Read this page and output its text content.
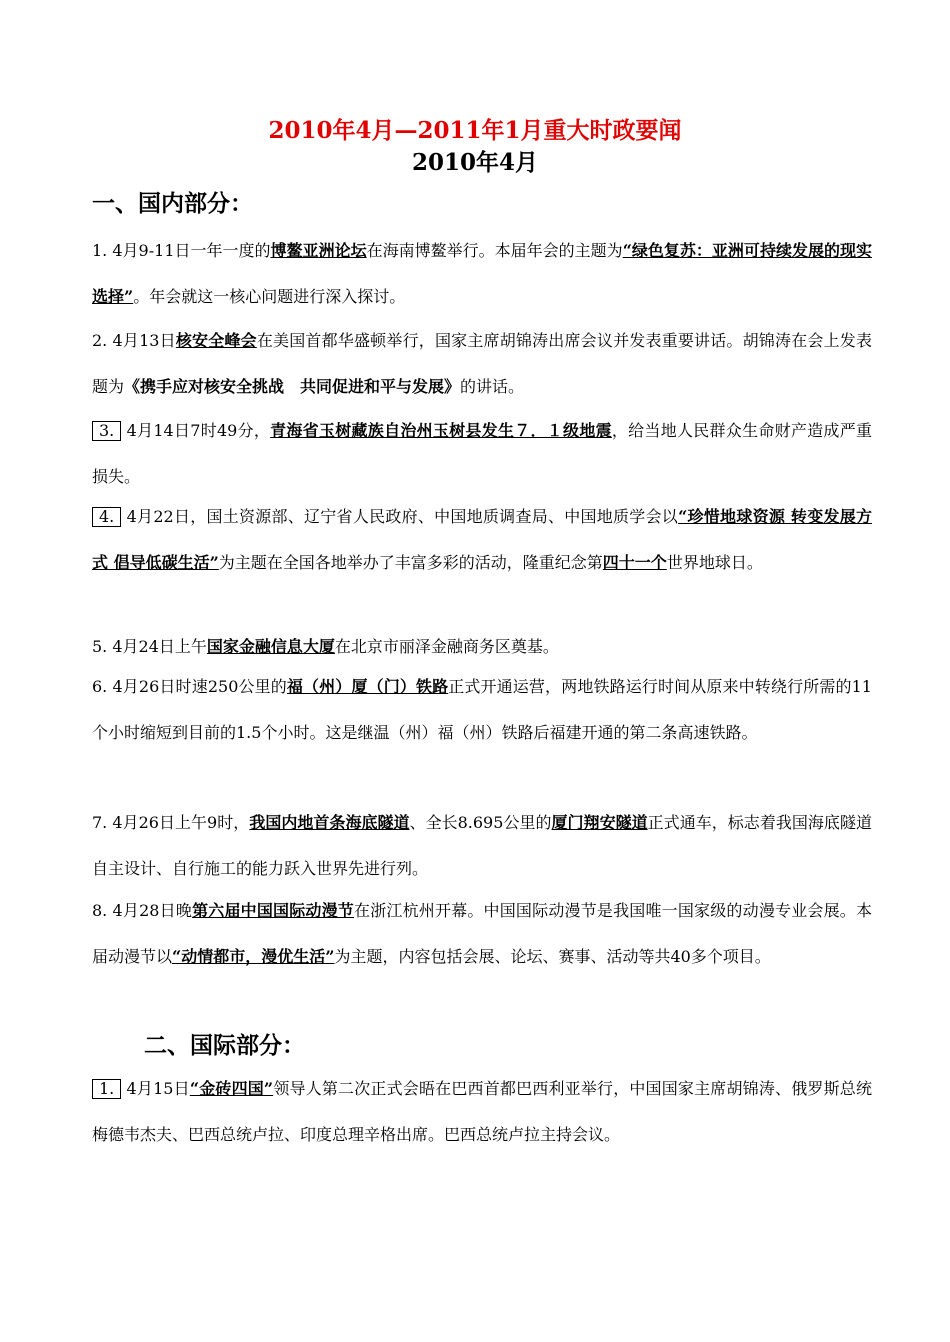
2010年4月—2011年1月重大时政要闻
2010年4月
一、国内部分：

1. 4月9-11日一年一度的博鳌亚洲论坛在海南博鳌举行。本届年会的主题为“绿色复苏：亚洲可持续发展的现实选择”。年会就这一核心问题进行深入探讨。

2. 4月13日核安全峰会在美国首都华盛顿举行，国家主席胡锦涛出席会议并发表重要讲话。胡锦涛在会上发表题为《携手应对核安全挑战　共同促进和平与发展》的讲话。

3. 4月14日7时49分，青海省玉树藏族自治州玉树县发生７．１级地震，给当地人民群众生命财产造成严重损失。

4. 4月22日，国土资源部、辽宁省人民政府、中国地质调查局、中国地质学会以“珍惜地球资源 转变发展方式 倡导低碳生活”为主题在全国各地举办了丰富多彩的活动，隆重纪念第四十一个世界地球日。

5. 4月24日上午国家金融信息大厦在北京市丽泽金融商务区奠基。

6. 4月26日时速250公里的福（州）厦（门）铁路正式开通运营，两地铁路运行时间从原来中转绕行所需的11个小时缩短到目前的1.5个小时。这是继温（州）福（州）铁路后福建开通的第二条高速铁路。

7. 4月26日上午9时，我国内地首条海底隧道、全长8.695公里的厦门翔安隧道正式通车，标志着我国海底隧道自主设计、自行施工的能力跃入世界先进行列。

8. 4月28日晚第六届中国国际动漫节在浙江杭州开幕。中国国际动漫节是我国唯一国家级的动漫专业会展。本届动漫节以“动情都市，漫优生活”为主题，内容包括会展、论坛、赛事、活动等共40多个项目。

二、国际部分：

1. 4月15日“金砖四国”领导人第二次正式会晤在巴西首都巴西利亚举行，中国国家主席胡锦涛、俄罗斯总统梅德韦杰夫、巴西总统卢拉、印度总理辛格出席。巴西总统卢拉主持会议。
